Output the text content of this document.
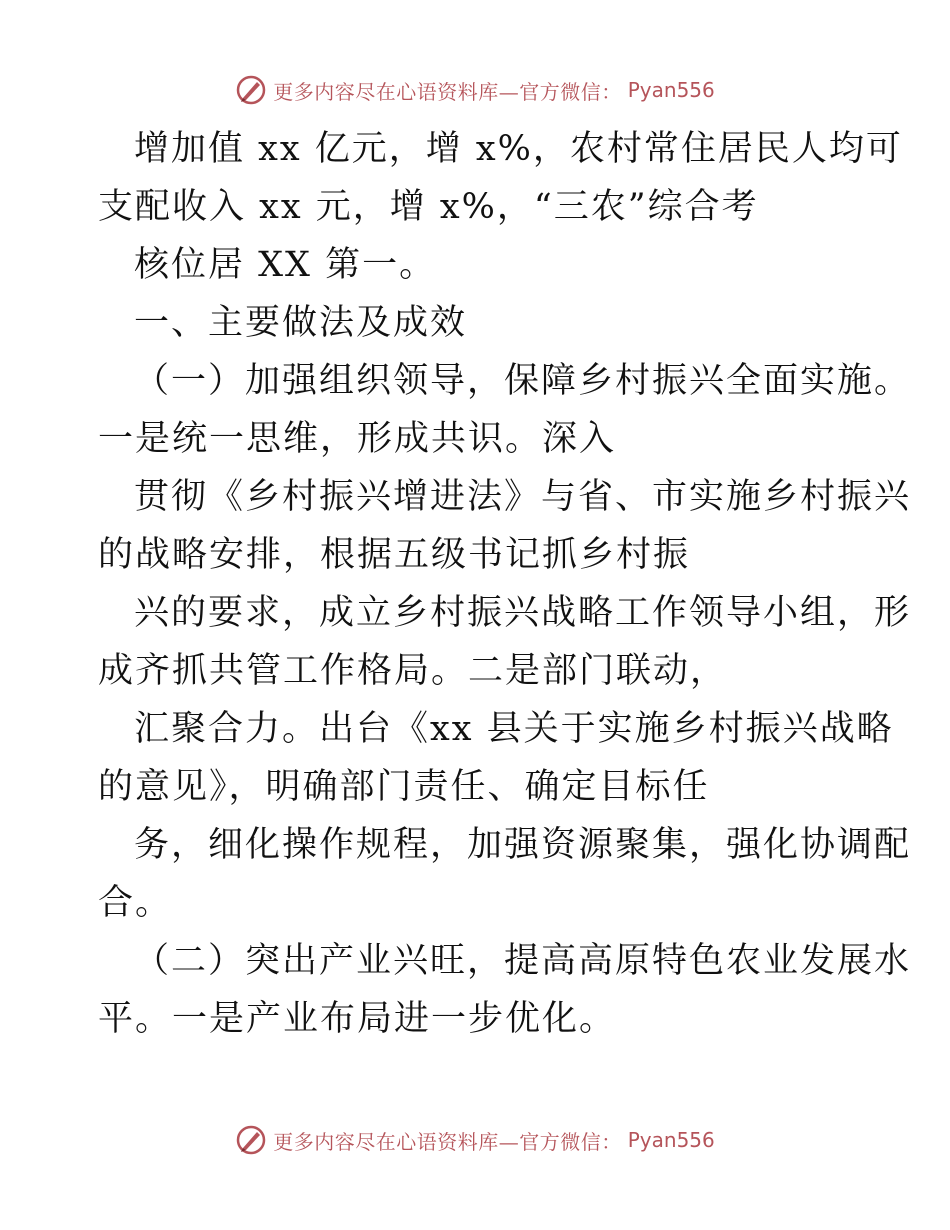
更多内容尽在心语资料库—官方微信： Pyan556
增加值 xx 亿元，增 x%，农村常住居民人均可
支配收入 xx 元，增 x%，“三农”综合考
核位居 XX 第一。
一、主要做法及成效
（一）加强组织领导，保障乡村振兴全面实施。
一是统一思维，形成共识。深入
贯彻《乡村振兴增进法》与省、市实施乡村振兴
的战略安排，根据五级书记抓乡村振
兴的要求，成立乡村振兴战略工作领导小组，形
成齐抓共管工作格局。二是部门联动，
汇聚合力。出台《xx 县关于实施乡村振兴战略
的意见》，明确部门责任、确定目标任
务，细化操作规程，加强资源聚集，强化协调配
合。
（二）突出产业兴旺，提高高原特色农业发展水
平。一是产业布局进一步优化。
更多内容尽在心语资料库—官方微信： Pyan556
